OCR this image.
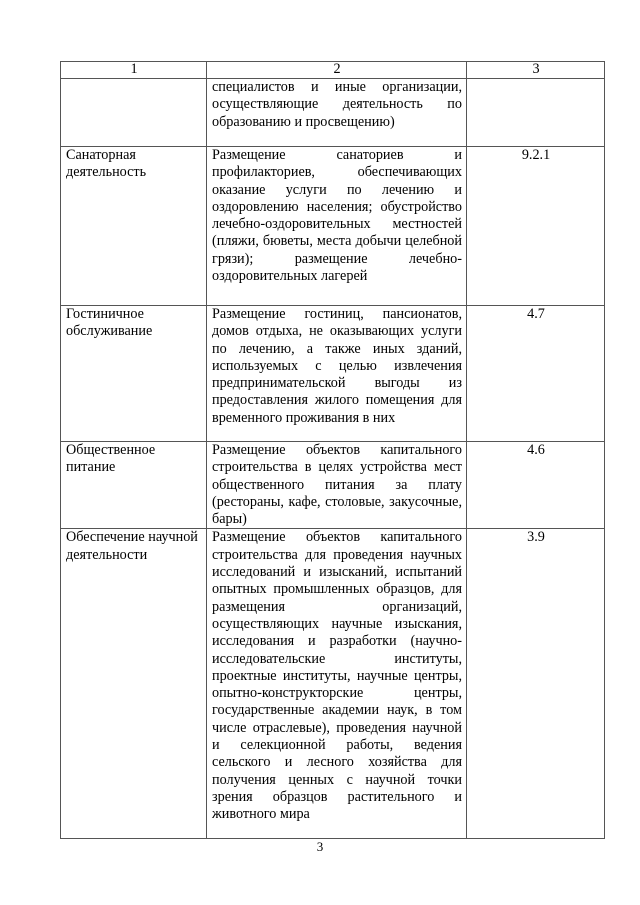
1	2	3
	специалистов и иные организации, осуществляющие деятельность по образованию и просвещению)	
Санаторная деятельность	Размещение санаториев и профилакториев, обеспечивающих оказание услуги по лечению и оздоровлению населения; обустройство лечебно-оздоровительных местностей (пляжи, бюветы, места добычи целебной грязи); размещение лечебно-оздоровительных лагерей	9.2.1
Гостиничное обслуживание	Размещение гостиниц, пансионатов, домов отдыха, не оказывающих услуги по лечению, а также иных зданий, используемых с целью извлечения предпринимательской выгоды из предоставления жилого помещения для временного проживания в них	4.7
Общественное питание	Размещение объектов капитального строительства в целях устройства мест общественного питания за плату (рестораны, кафе, столовые, закусочные, бары)	4.6
Обеспечение научной деятельности	Размещение объектов капитального строительства для проведения научных исследований и изысканий, испытаний опытных промышленных образцов, для размещения организаций, осуществляющих научные изыскания, исследования и разработки (научно-исследовательские институты, проектные институты, научные центры, опытно-конструкторские центры, государственные академии наук, в том числе отраслевые), проведения научной и селекционной работы, ведения сельского и лесного хозяйства для получения ценных с научной точки зрения образцов растительного и животного мира	3.9
3
